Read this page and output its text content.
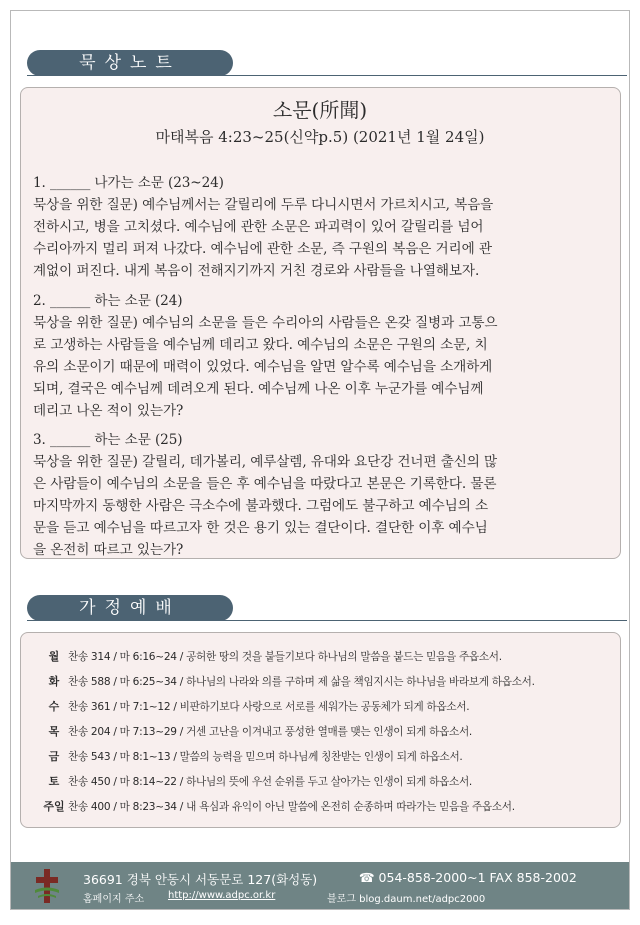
묵상노트
소문(所聞)
마태복음 4:23~25(신약p.5) (2021년 1월 24일)
1. ______ 나가는 소문 (23~24)
묵상을 위한 질문) 예수님께서는 갈릴리에 두루 다니시면서 가르치시고, 복음을
전하시고, 병을 고치셨다. 예수님에 관한 소문은 파괴력이 있어 갈릴리를 넘어
수리아까지 멀리 퍼져 나갔다. 예수님에 관한 소문, 즉 구원의 복음은 거리에 관
계없이 퍼진다. 내게 복음이 전해지기까지 거친 경로와 사람들을 나열해보자.
2. ______ 하는 소문 (24)
묵상을 위한 질문) 예수님의 소문을 들은 수리아의 사람들은 온갖 질병과 고통으
로 고생하는 사람들을 예수님께 데리고 왔다. 예수님의 소문은 구원의 소문, 치
유의 소문이기 때문에 매력이 있었다. 예수님을 알면 알수록 예수님을 소개하게
되며, 결국은 예수님께 데려오게 된다. 예수님께 나온 이후 누군가를 예수님께
데리고 나온 적이 있는가?
3. ______ 하는 소문 (25)
묵상을 위한 질문) 갈릴리, 데가볼리, 예루살렘, 유대와 요단강 건너편 출신의 많
은 사람들이 예수님의 소문을 들은 후 예수님을 따랐다고 본문은 기록한다. 물론
마지막까지 동행한 사람은 극소수에 불과했다. 그럼에도 불구하고 예수님의 소
문을 듣고 예수님을 따르고자 한 것은 용기 있는 결단이다. 결단한 이후 예수님
을 온전히 따르고 있는가?
가정예배
월 찬송 314 / 마 6:16~24 / 공허한 땅의 것을 붙들기보다 하나님의 말씀을 붙드는 믿음을 주옵소서.
화 찬송 588 / 마 6:25~34 / 하나님의 나라와 의를 구하며 제 삶을 책임지시는 하나님을 바라보게 하옵소서.
수 찬송 361 / 마 7:1~12 / 비판하기보다 사랑으로 서로를 세워가는 공동체가 되게 하옵소서.
목 찬송 204 / 마 7:13~29 / 거센 고난을 이겨내고 풍성한 열매를 맺는 인생이 되게 하옵소서.
금 찬송 543 / 마 8:1~13 / 말씀의 능력을 믿으며 하나님께 칭찬받는 인생이 되게 하옵소서.
토 찬송 450 / 마 8:14~22 / 하나님의 뜻에 우선 순위를 두고 살아가는 인생이 되게 하옵소서.
주일 찬송 400 / 마 8:23~34 / 내 욕심과 유익이 아닌 말씀에 온전히 순종하며 따라가는 믿음을 주옵소서.
36691 경북 안동시 서동문로 127(화성동)	☎ 054-858-2000~1 FAX 858-2002
홈페이지 주소 http://www.adpc.or.kr	블로그 blog.daum.net/adpc2000
